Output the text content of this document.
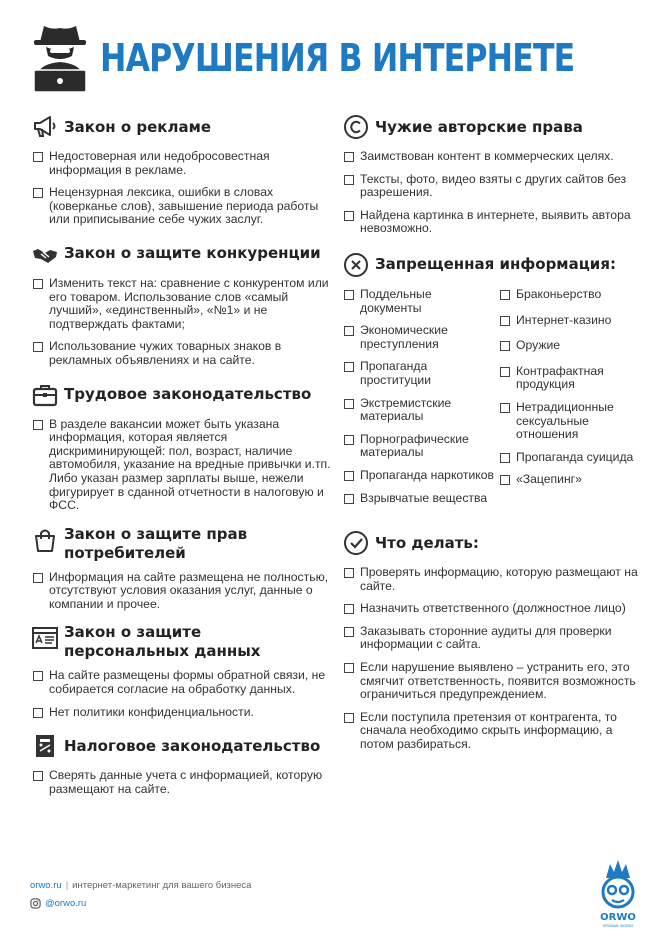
НАРУШЕНИЯ В ИНТЕРНЕТЕ
Закон о рекламе
Недостоверная или недобросовестная информация в рекламе.
Нецензурная лексика, ошибки в словах (коверканье слов), завышение периода работы или приписывание себе чужих заслуг.
Закон о защите конкуренции
Изменить текст на: сравнение с конкурентом или его товаром. Использование слов «самый лучший», «единственный», «№1» и не подтверждать фактами;
Использование чужих товарных знаков в рекламных объявлениях и на сайте.
Трудовое законодательство
В разделе вакансии может быть указана информация, которая является дискриминирующей: пол, возраст, наличие автомобиля, указание на вредные привычки и.тп. Либо указан размер зарплаты выше, нежели фигурирует в сданной отчетности в налоговую и ФСС.
Закон о защите прав потребителей
Информация на сайте размещена не полностью, отсутствуют условия оказания услуг, данные о компании и прочее.
Закон о защите персональных данных
На сайте размещены формы обратной связи, не собирается согласие на обработку данных.
Нет политики конфиденциальности.
Налоговое законодательство
Сверять данные учета с информацией, которую размещают на сайте.
Чужие авторские права
Заимствован контент в коммерческих целях.
Тексты, фото, видео взяты с других сайтов без разрешения.
Найдена картинка в интернете, выявить автора невозможно.
Запрещенная информация:
Поддельные документы
Экономические преступления
Пропаганда проституции
Экстремистские материалы
Порнографические материалы
Пропаганда наркотиков
Взрывчатые вещества
Браконьерство
Интернет-казино
Оружие
Контрафактная продукция
Нетрадиционные сексуальные отношения
Пропаганда суицида
«Зацепинг»
Что делать:
Проверять информацию, которую размещают на сайте.
Назначить ответственного (должностное лицо)
Заказывать сторонние аудиты для проверки информации с сайта.
Если нарушение выявлено – устранить его, это смягчит ответственность, появится возможность ограничиться предупреждением.
Если поступила претензия от контрагента, то сначала необходимо скрыть информацию, а потом разбираться.
orwo.ru | интернет-маркетинг для вашего бизнеса
@orwo.ru
ORWO
ORIGINAL WORKS
